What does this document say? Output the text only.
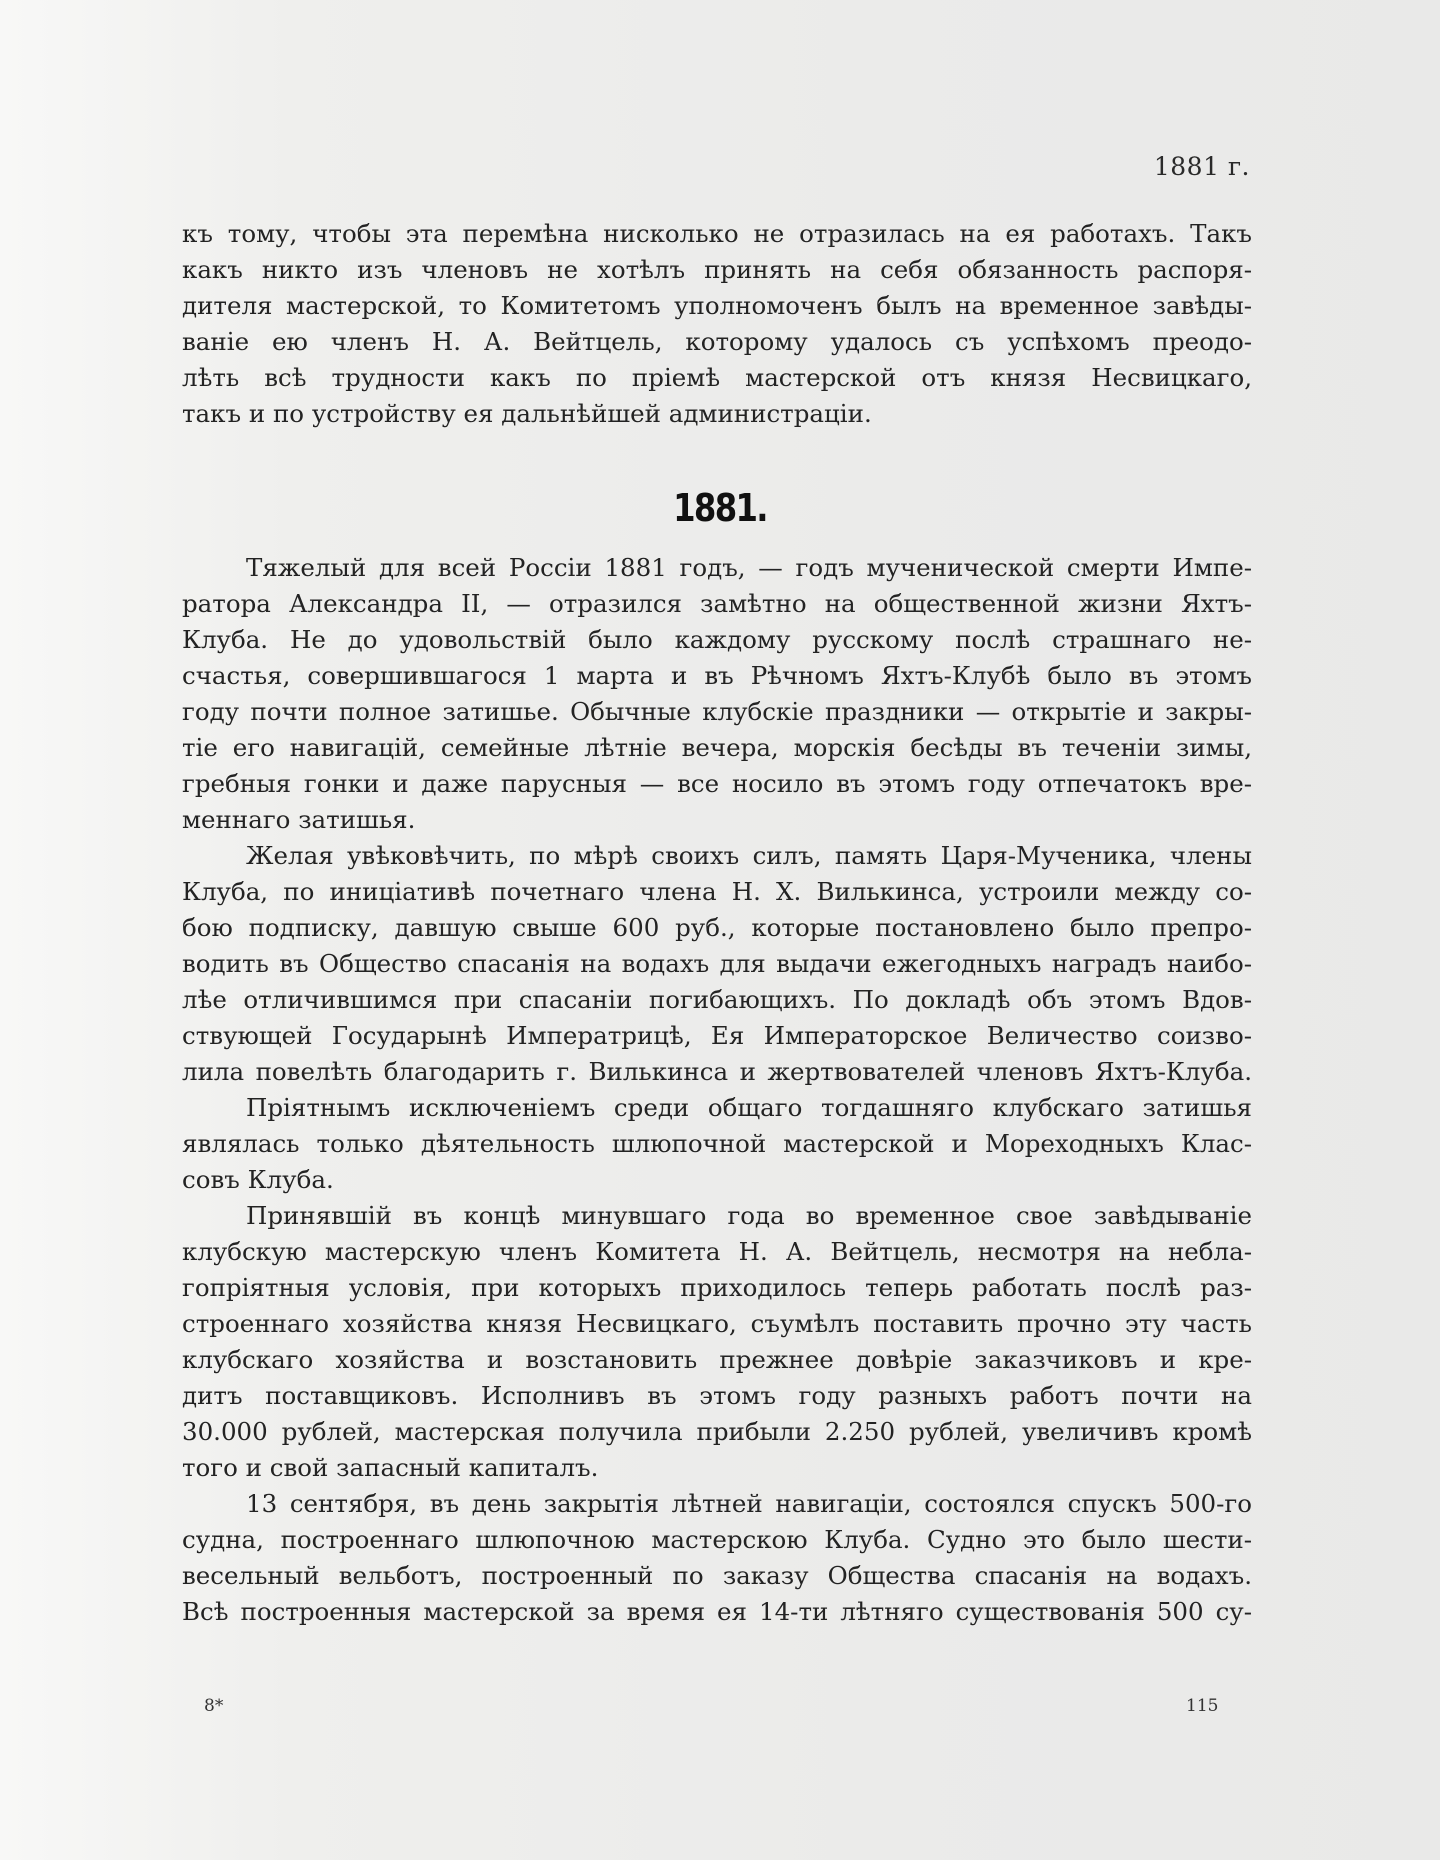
1881 г.
къ тому, чтобы эта перемѣна нисколько не отразилась на ея работахъ. Такъ
какъ никто изъ членовъ не хотѣлъ принять на себя обязанность распоря-
дителя мастерской, то Комитетомъ уполномоченъ былъ на временное завѣды-
ваніе ею членъ Н. А. Вейтцель, которому удалось съ успѣхомъ преодо-
лѣть всѣ трудности какъ по пріемѣ мастерской отъ князя Несвицкаго,
такъ и по устройству ея дальнѣйшей администраціи.
1881.
Тяжелый для всей Россіи 1881 годъ, — годъ мученической смерти Импе-
ратора Александра II, — отразился замѣтно на общественной жизни Яхтъ-
Клуба. Не до удовольствій было каждому русскому послѣ страшнаго не-
счастья, совершившагося 1 марта и въ Рѣчномъ Яхтъ-Клубѣ было въ этомъ
году почти полное затишье. Обычные клубскіе праздники — открытіе и закры-
тіе его навигацій, семейные лѣтніе вечера, морскія бесѣды въ теченіи зимы,
гребныя гонки и даже парусныя — все носило въ этомъ году отпечатокъ вре-
меннаго затишья.
Желая увѣковѣчить, по мѣрѣ своихъ силъ, память Царя-Мученика, члены
Клуба, по иниціативѣ почетнаго члена Н. Х. Вилькинса, устроили между со-
бою подписку, давшую свыше 600 руб., которые постановлено было препро-
водить въ Общество спасанія на водахъ для выдачи ежегодныхъ наградъ наибо-
лѣе отличившимся при спасаніи погибающихъ. По докладѣ объ этомъ Вдов-
ствующей Государынѣ Императрицѣ, Ея Императорское Величество соизво-
лила повелѣть благодарить г. Вилькинса и жертвователей членовъ Яхтъ-Клуба.
Пріятнымъ исключеніемъ среди общаго тогдашняго клубскаго затишья
являлась только дѣятельность шлюпочной мастерской и Мореходныхъ Клас-
совъ Клуба.
Принявшій въ концѣ минувшаго года во временное свое завѣдываніе
клубскую мастерскую членъ Комитета Н. А. Вейтцель, несмотря на небла-
гопріятныя условія, при которыхъ приходилось теперь работать послѣ раз-
строеннаго хозяйства князя Несвицкаго, съумѣлъ поставить прочно эту часть
клубскаго хозяйства и возстановить прежнее довѣріе заказчиковъ и кре-
дитъ поставщиковъ. Исполнивъ въ этомъ году разныхъ работъ почти на
30.000 рублей, мастерская получила прибыли 2.250 рублей, увеличивъ кромѣ
того и свой запасный капиталъ.
13 сентября, въ день закрытія лѣтней навигаціи, состоялся спускъ 500-го
судна, построеннаго шлюпочною мастерскою Клуба. Судно это было шести-
весельный вельботъ, построенный по заказу Общества спасанія на водахъ.
Всѣ построенныя мастерской за время ея 14-ти лѣтняго существованія 500 су-
8*	115
